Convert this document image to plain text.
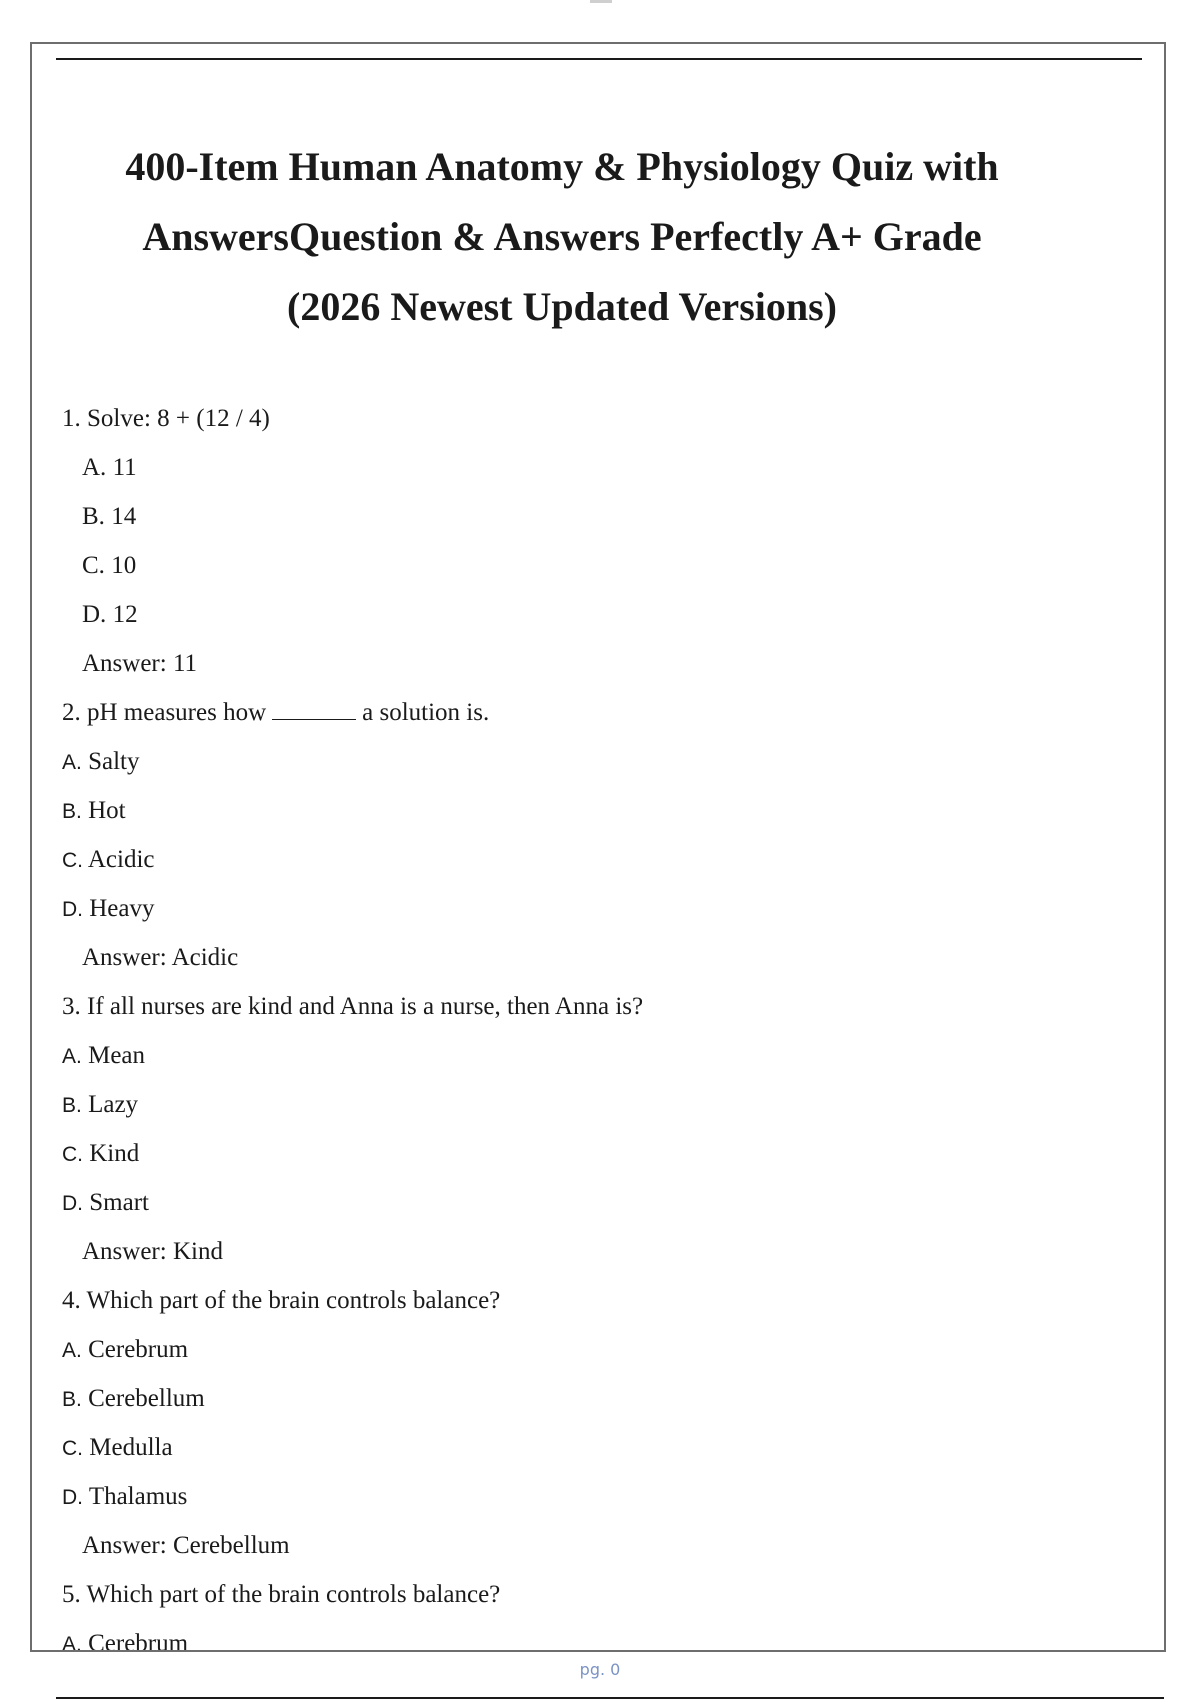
400-Item Human Anatomy & Physiology Quiz with
AnswersQuestion & Answers Perfectly A+ Grade
(2026 Newest Updated Versions)
1. Solve: 8 + (12 / 4)
A. 11
B. 14
C. 10
D. 12
Answer: 11
2. pH measures how	a solution is.
A. Salty
B. Hot
C. Acidic
D. Heavy
Answer: Acidic
3. If all nurses are kind and Anna is a nurse, then Anna is?
A. Mean
B. Lazy
C. Kind
D. Smart
Answer: Kind
4. Which part of the brain controls balance?
A. Cerebrum
B. Cerebellum
C. Medulla
D. Thalamus
Answer: Cerebellum
5. Which part of the brain controls balance?
A. Cerebrum
pg. 0
